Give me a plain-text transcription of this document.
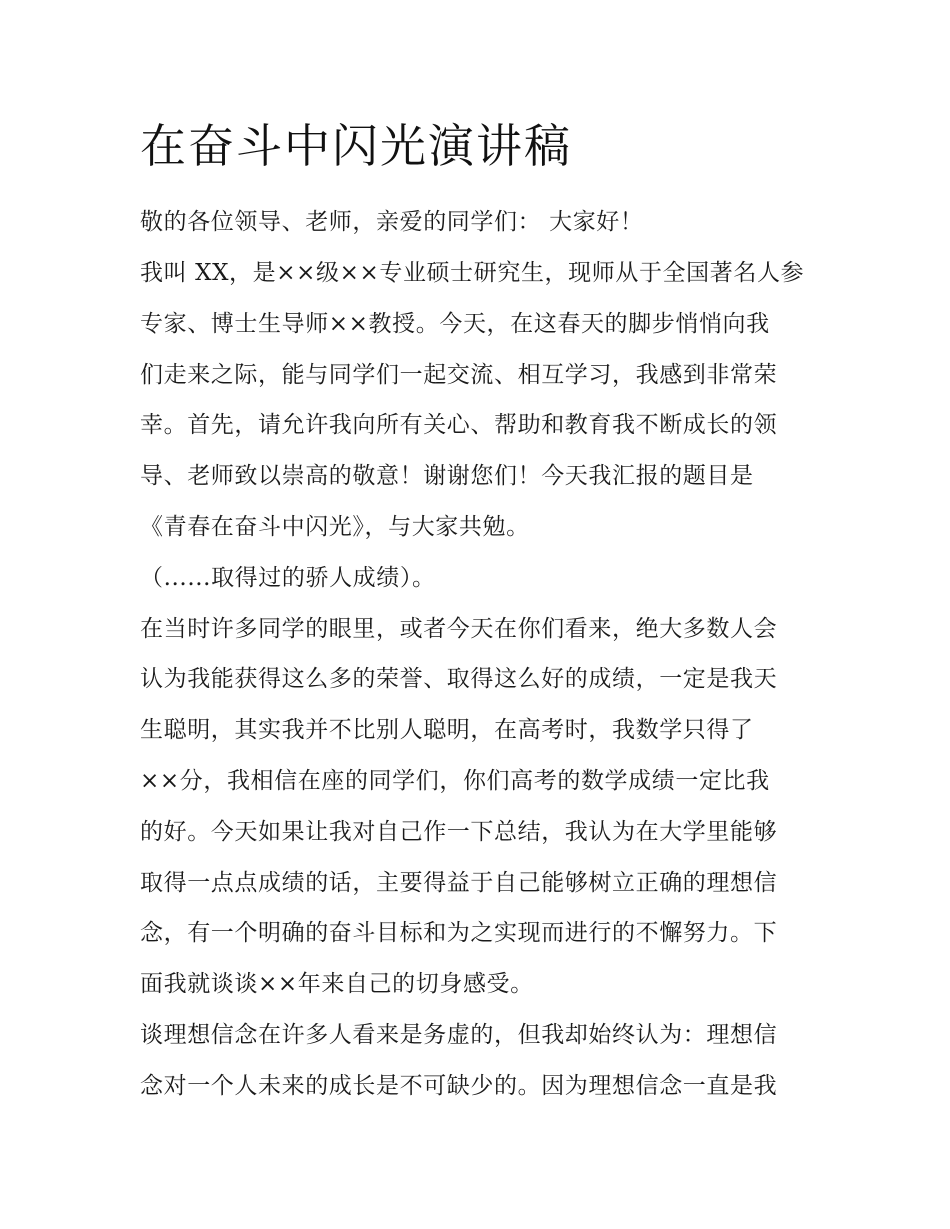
在奋斗中闪光演讲稿

敬的各位领导、老师，亲爱的同学们： 大家好！

我叫 XX，是××级××专业硕士研究生，现师从于全国著名人参

专家、博士生导师××教授。今天，在这春天的脚步悄悄向我

们走来之际，能与同学们一起交流、相互学习，我感到非常荣

幸。首先，请允许我向所有关心、帮助和教育我不断成长的领

导、老师致以崇高的敬意！谢谢您们！今天我汇报的题目是

《青春在奋斗中闪光》，与大家共勉。

（......取得过的骄人成绩）。

在当时许多同学的眼里，或者今天在你们看来，绝大多数人会

认为我能获得这么多的荣誉、取得这么好的成绩，一定是我天

生聪明，其实我并不比别人聪明，在高考时，我数学只得了

××分，我相信在座的同学们，你们高考的数学成绩一定比我

的好。今天如果让我对自己作一下总结，我认为在大学里能够

取得一点点成绩的话，主要得益于自己能够树立正确的理想信

念，有一个明确的奋斗目标和为之实现而进行的不懈努力。下

面我就谈谈××年来自己的切身感受。

谈理想信念在许多人看来是务虚的，但我却始终认为：理想信

念对一个人未来的成长是不可缺少的。因为理想信念一直是我
